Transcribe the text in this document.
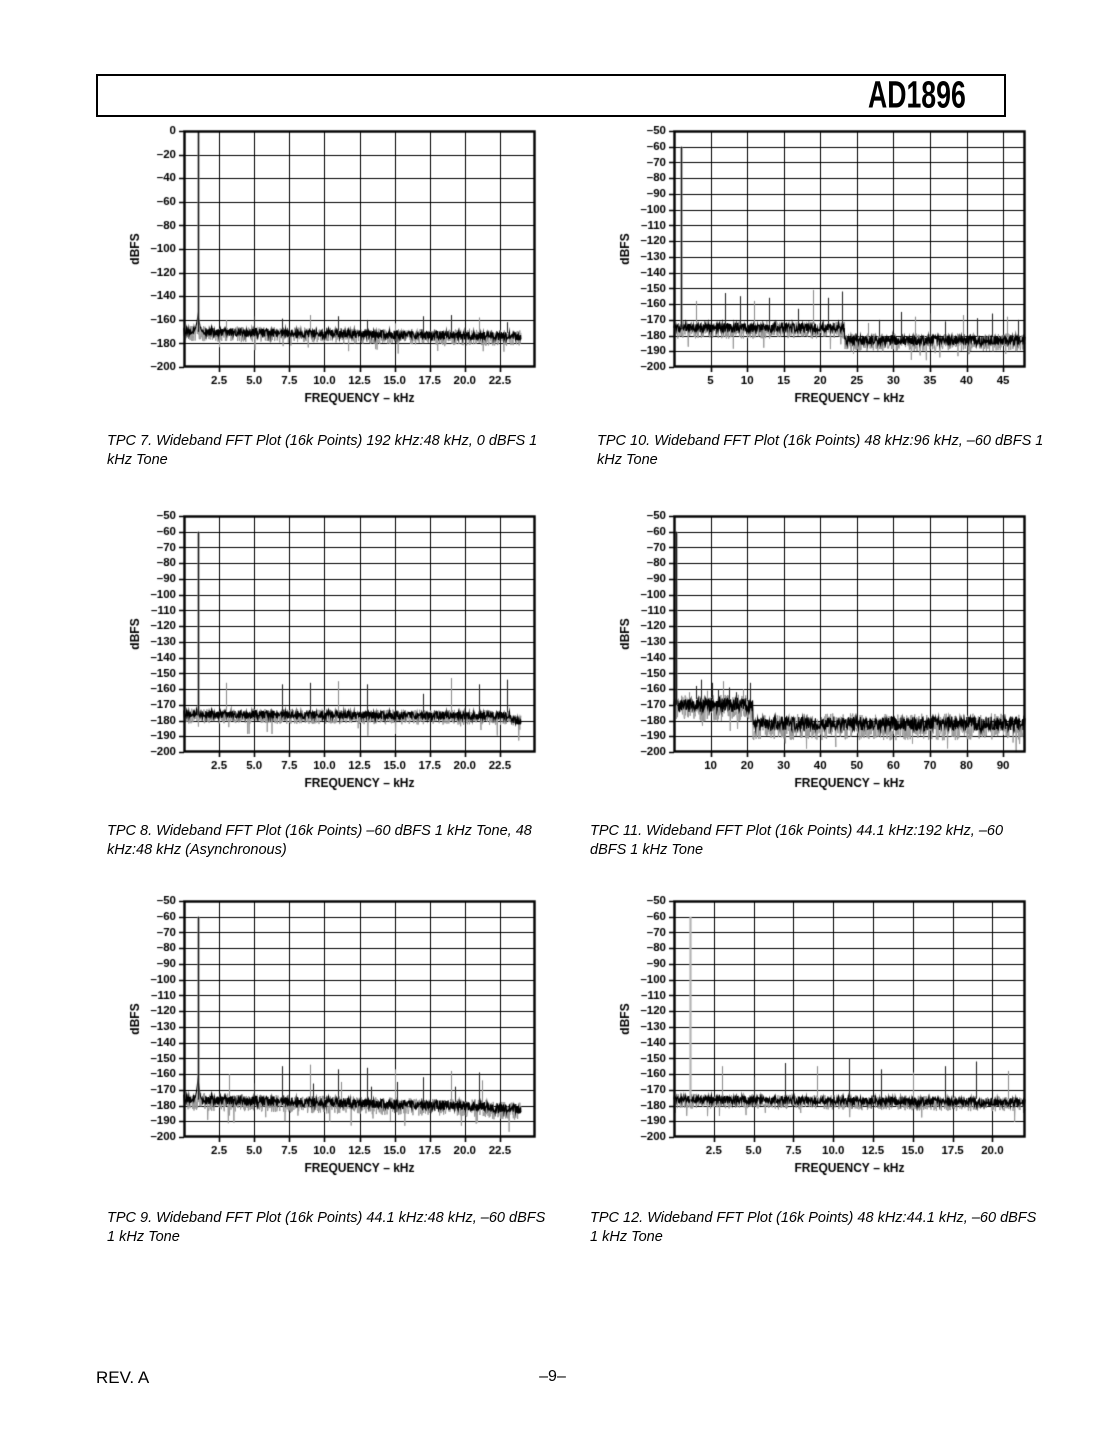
AD1896
TPC 7. Wideband FFT Plot (16k Points) 192 kHz:48 kHz, 0 dBFS 1 kHz Tone
TPC 10. Wideband FFT Plot (16k Points) 48 kHz:96 kHz, –60 dBFS 1 kHz Tone
TPC 8. Wideband FFT Plot (16k Points) –60 dBFS 1 kHz Tone, 48 kHz:48 kHz (Asynchronous)
TPC 11. Wideband FFT Plot (16k Points) 44.1 kHz:192 kHz, –60 dBFS 1 kHz Tone
TPC 9. Wideband FFT Plot (16k Points) 44.1 kHz:48 kHz, –60 dBFS 1 kHz Tone
TPC 12. Wideband FFT Plot (16k Points) 48 kHz:44.1 kHz, –60 dBFS 1 kHz Tone
REV. A	–9–
